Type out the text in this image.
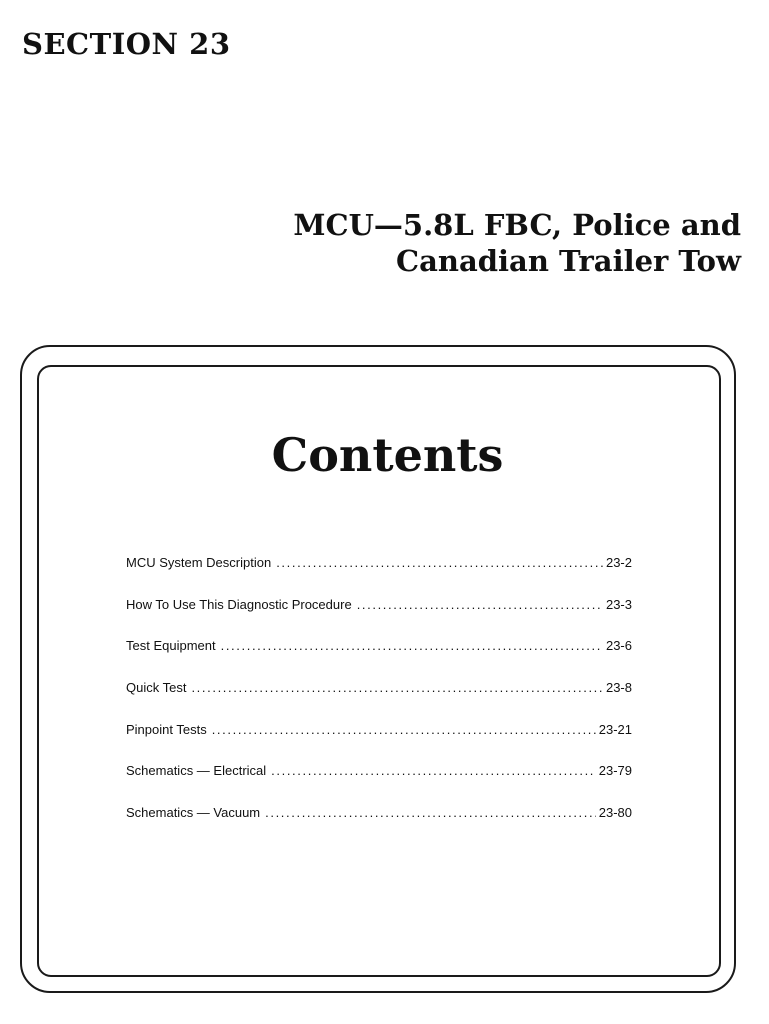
SECTION 23
MCU—5.8L FBC, Police and
Canadian Trailer Tow
Contents
MCU System Description . . .	23-2
How To Use This Diagnostic Procedure . . .	23-3
Test Equipment . . .	23-6
Quick Test . . .	23-8
Pinpoint Tests . . .	23-21
Schematics — Electrical . . .	23-79
Schematics — Vacuum . . .	23-80
